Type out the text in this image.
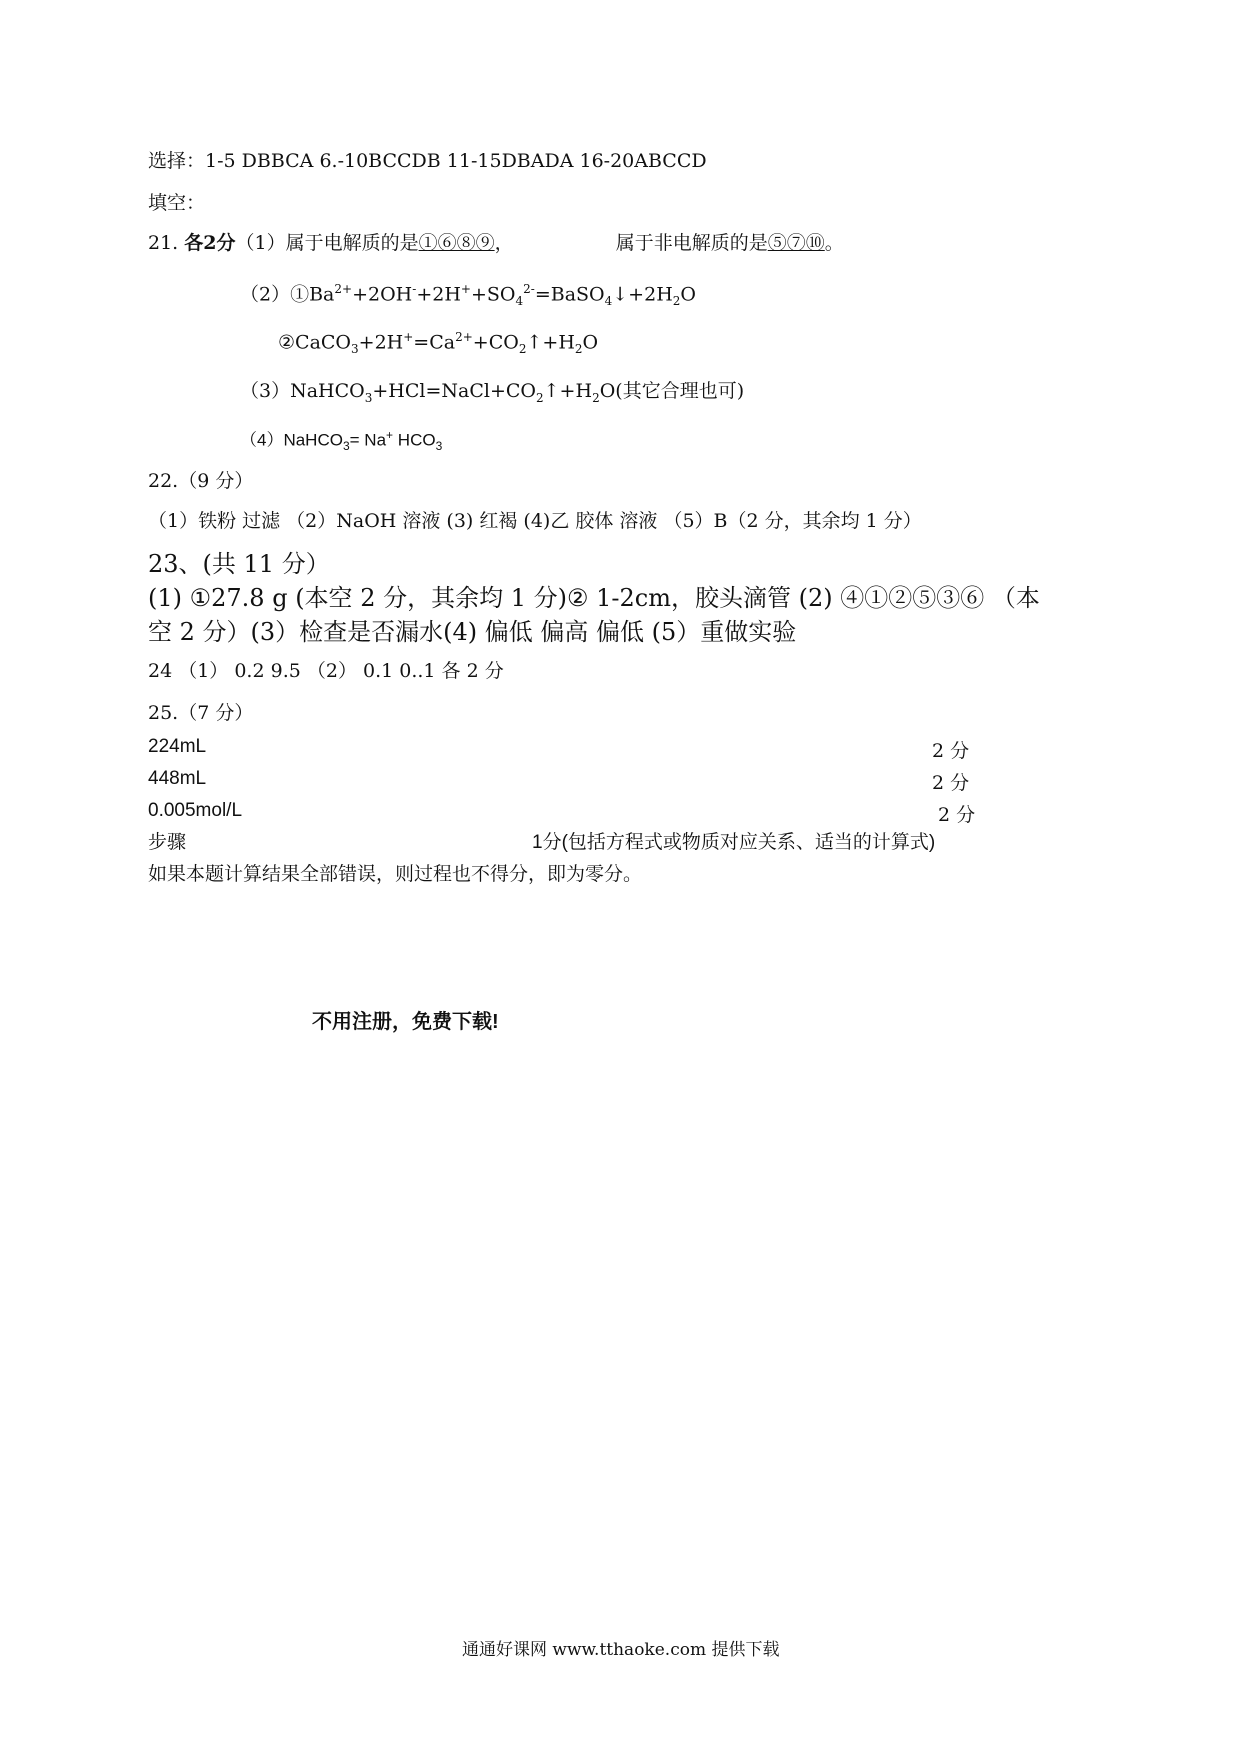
选择：1-5 DBBCA 6.-10BCCDB 11-15DBADA 16-20ABCCD
填空：
21. 各2分（1）属于电解质的是①⑥⑧⑨，	属于非电解质的是⑤⑦⑩。
$(2)①Ba^{2+}+2OH^-+2H^++SO_4^{2-}=BaSO_4↓+2H_2O$
$②CaCO_3+2H^+=Ca^{2+}+CO_2↑+H_2O$
$(3)NaHCO_3+HCl=NaCl+CO_2↑+H_2O$(其它合理也可)
（4）NaHCO$_3$= Na+ $HCO_3$
22.（9 分）
（1）铁粉 过滤 （2）NaOH 溶液 (3) 红褐 (4)乙 胶体 溶液 （5）B（2 分，其余均 1 分）
23、(共 11 分）
(1) ①27.8 g (本空 2 分，其余均 1 分)② 1-2cm，胶头滴管 (2) ④①②⑤③⑥ （本
空 2 分）(3）检查是否漏水(4) 偏低 偏高 偏低 (5）重做实验
24 （1） 0.2 9.5 （2） 0.1 0..1 各 2 分
25.（7 分）
224mL	2 分
448mL	2 分
0.005mol/L	2 分
步骤	1分(包括方程式或物质对应关系、适当的计算式)
如果本题计算结果全部错误，则过程也不得分，即为零分。
不用注册，免费下载!
通通好课网 www.tthaoke.com 提供下载
